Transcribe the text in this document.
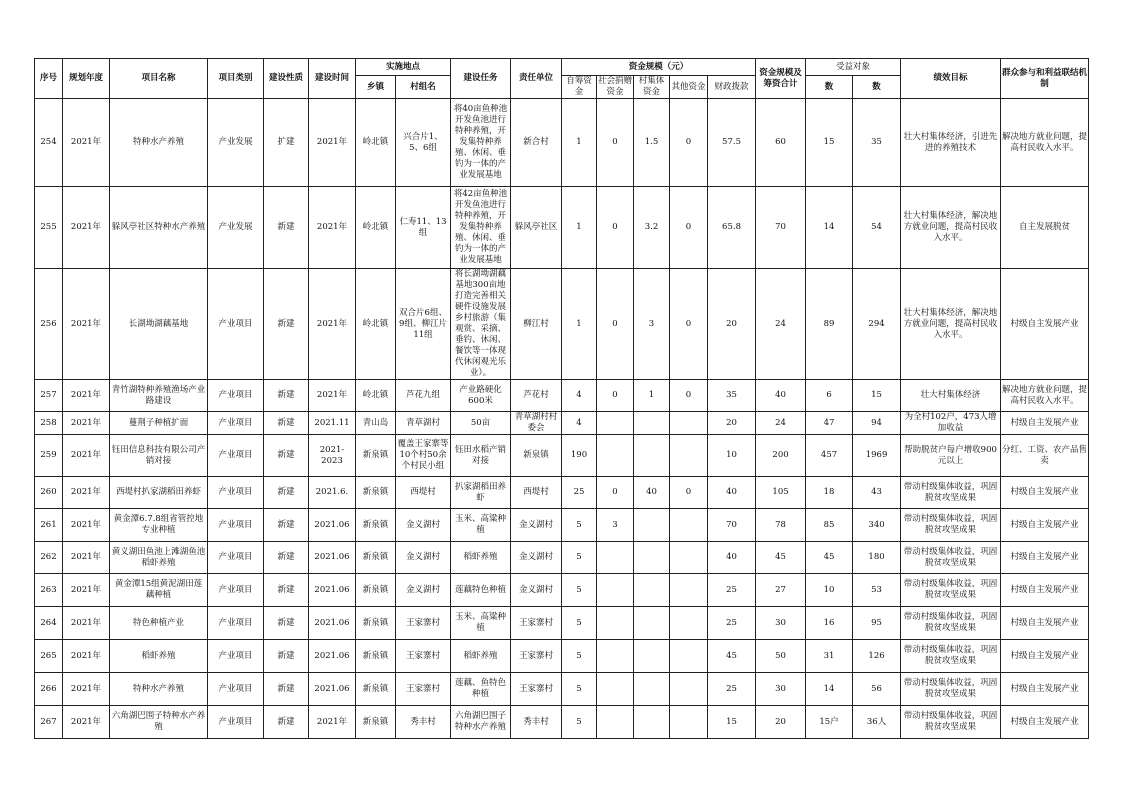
序号	规划年度	项目名称	项目类别	建设性质	建设时间	实施地点		建设任务	责任单位	资金规模（元）					资金规模及筹资合计	受益对象		绩效目标	群众参与和利益联结机制
						乡镇	村组名			自筹资金	社会捐赠资金	村集体资金	其他资金	财政拨款		数	数		
254	2021年	特种水产养殖	产业发展	扩建	2021年	岭北镇	兴合片1、5、6组	将40亩鱼种池开发鱼池进行特种养殖，开发集特种养殖、休闲、垂钓为一体的产业发展基地	新合村	1	0	1.5	0	57.5	60	15	35	壮大村集体经济，引进先进的养殖技术	解决地方就业问题，提高村民收入水平。
255	2021年	躲风亭社区特种水产养殖	产业发展	新建	2021年	岭北镇	仁寿11、13组	将42亩鱼种池开发鱼池进行特种养殖，开发集特种养殖、休闲、垂钓为一体的产业发展基地	躲风亭社区	1	0	3.2	0	65.8	70	14	54	壮大村集体经济，解决地方就业问题，提高村民收入水平。	自主发展脱贫
256	2021年	长湖坳湖藕基地	产业项目	新建	2021年	岭北镇	双合片6组、9组、柳江片11组	将长湖坳湖藕基地300亩地打造完善相关硬件设施发展乡村旅游（集观赏、采摘、垂钓、休闲、餐饮等一体现代休闲观光乐业）。	柳江村	1	0	3	0	20	24	89	294	壮大村集体经济，解决地方就业问题，提高村民收入水平。	村级自主发展产业
257	2021年	青竹湖特种养殖渔场产业路建设	产业项目	新建	2021年	岭北镇	芦花九组	产业路硬化600米	芦花村	4	0	1	0	35	40	6	15	壮大村集体经济	解决地方就业问题，提高村民收入水平。
258	2021年	蔓荆子种植扩面	产业项目	新建	2021.11	青山岛	青草湖村	50亩	青草湖村村委会	4				20	24	47	94	为全村102户，473人增加收益	村级自主发展产业
259	2021年	钰田信息科技有限公司产销对接	产业项目	新建	2021-2023	新泉镇	覆盖王家寨等10个村50余个村民小组	钰田水稻产销对接	新泉镇	190				10	200	457	1969	帮助脱贫户每户增收900元以上	分红、工资、农产品售卖
260	2021年	西堤村扒家湖稻田养虾	产业项目	新建	2021.6.	新泉镇	西堤村	扒家湖稻田养虾	西堤村	25	0	40	0	40	105	18	43	带动村级集体收益，巩固脱贫攻坚成果	村级自主发展产业
261	2021年	黄金潭6.7.8组省管控地专业种植	产业项目	新建	2021.06	新泉镇	金义湖村	玉米、高粱种植	金义湖村	5	3			70	78	85	340	带动村级集体收益，巩固脱贫攻坚成果	村级自主发展产业
262	2021年	黄义湖田鱼池上滩湖鱼池稻虾养殖	产业项目	新建	2021.06	新泉镇	金义湖村	稻虾养殖	金义湖村	5				40	45	45	180	带动村级集体收益，巩固脱贫攻坚成果	村级自主发展产业
263	2021年	黄金潭15组黄泥湖田莲藕种植	产业项目	新建	2021.06	新泉镇	金义湖村	莲藕特色种植	金义湖村	5				25	27	10	53	带动村级集体收益，巩固脱贫攻坚成果	村级自主发展产业
264	2021年	特色种植产业	产业项目	新建	2021.06	新泉镇	王家寨村	玉米、高粱种植	王家寨村	5				25	30	16	95	带动村级集体收益，巩固脱贫攻坚成果	村级自主发展产业
265	2021年	稻虾养殖	产业项目	新建	2021.06	新泉镇	王家寨村	稻虾养殖	王家寨村	5				45	50	31	126	带动村级集体收益，巩固脱贫攻坚成果	村级自主发展产业
266	2021年	特种水产养殖	产业项目	新建	2021.06	新泉镇	王家寨村	莲藕、鱼特色种植	王家寨村	5				25	30	14	56	带动村级集体收益，巩固脱贫攻坚成果	村级自主发展产业
267	2021年	六角湖巴围子特种水产养殖	产业项目	新建	2021年	新泉镇	秀丰村	六角湖巴围子特种水产养殖	秀丰村	5				15	20	15户	36人	带动村级集体收益，巩固脱贫攻坚成果	村级自主发展产业
